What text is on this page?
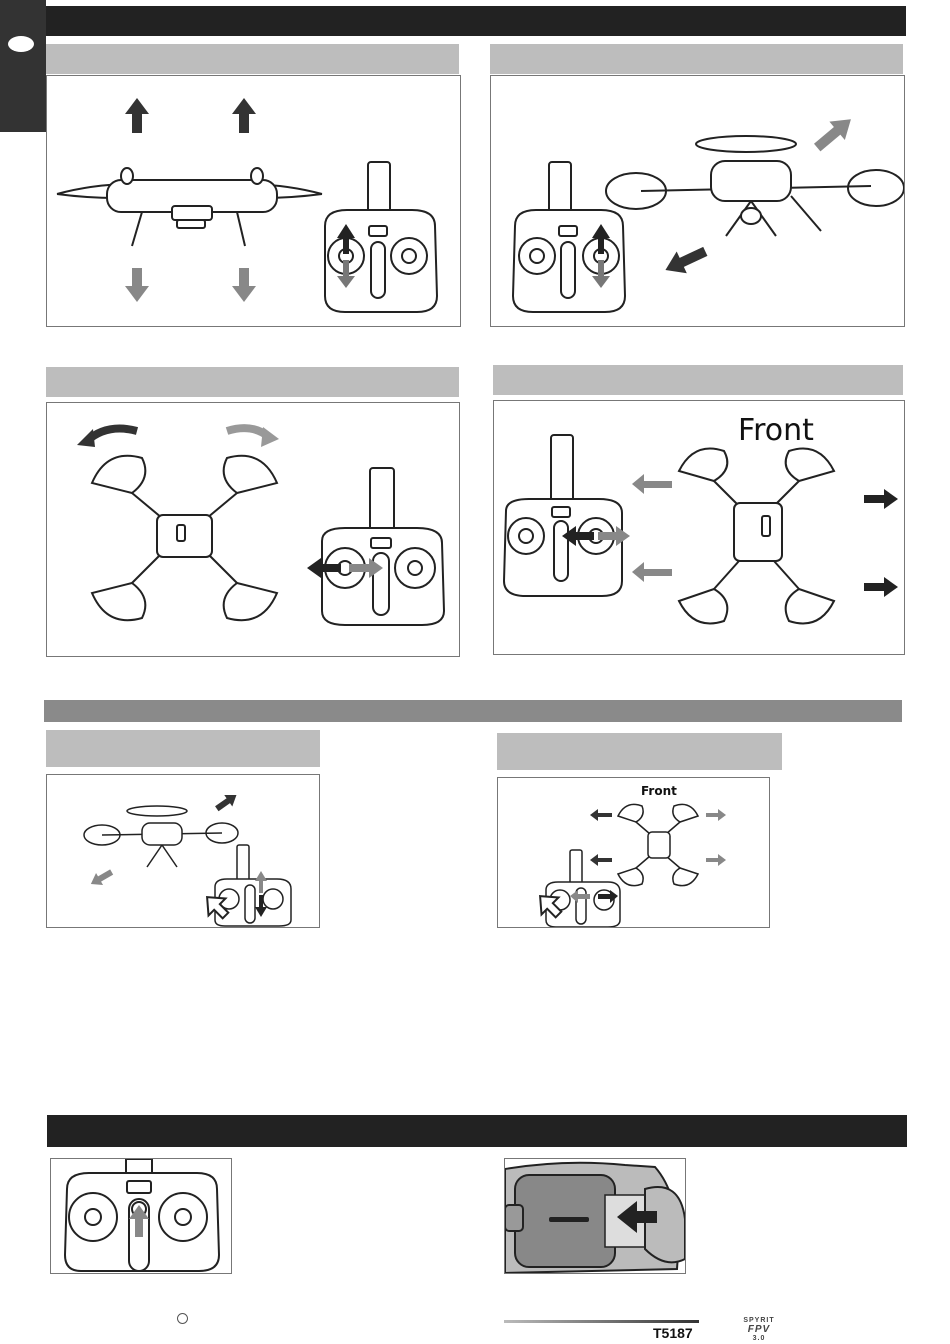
Front
Front
T5187
SPYRIT
FPV
3.0
